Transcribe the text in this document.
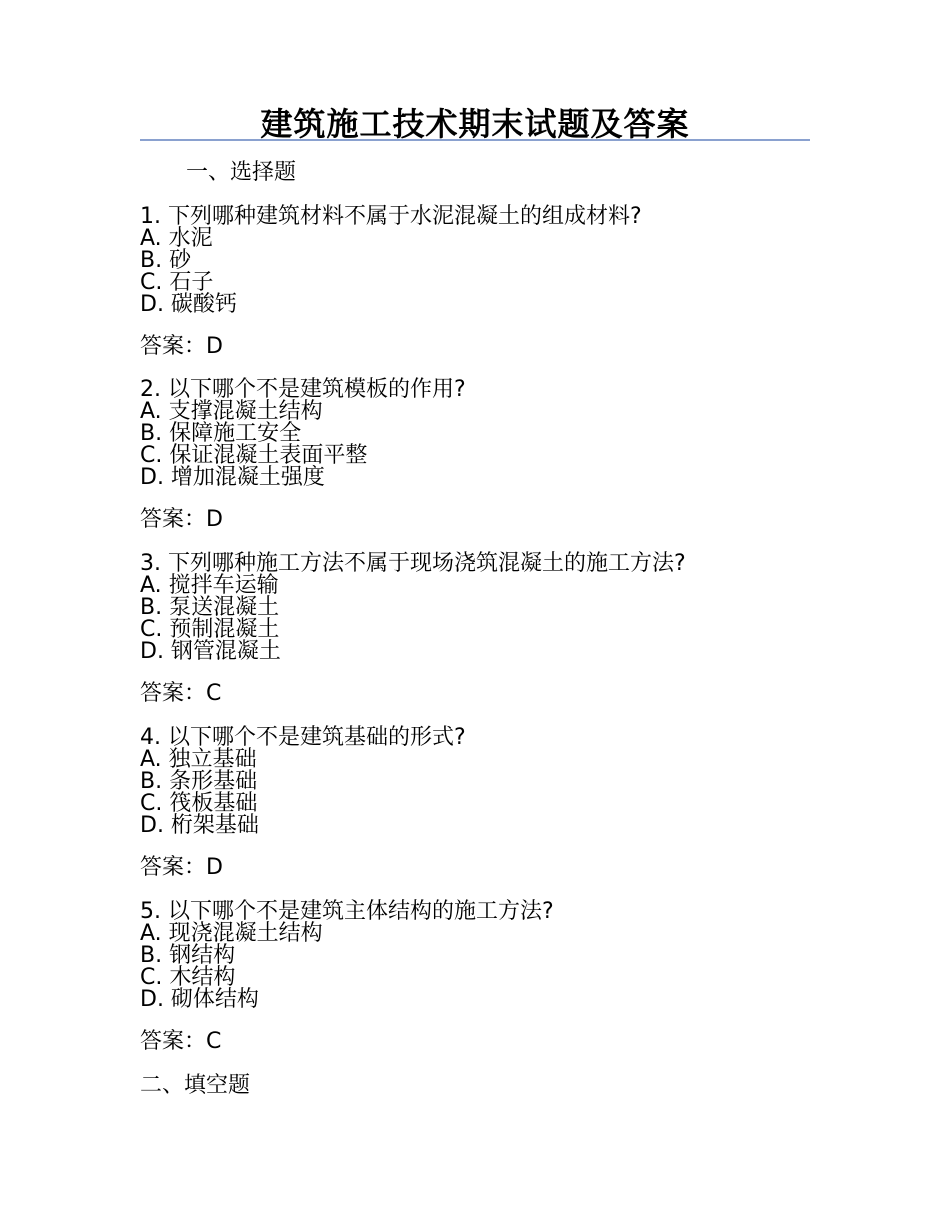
建筑施工技术期末试题及答案

一、选择题

1. 下列哪种建筑材料不属于水泥混凝土的组成材料?

A. 水泥

B. 砂

C. 石子

D. 碳酸钙

答案：D

2. 以下哪个不是建筑模板的作用?

A. 支撑混凝土结构

B. 保障施工安全

C. 保证混凝土表面平整

D. 增加混凝土强度

答案：D

3. 下列哪种施工方法不属于现场浇筑混凝土的施工方法?

A. 搅拌车运输

B. 泵送混凝土

C. 预制混凝土

D. 钢管混凝土

答案：C

4. 以下哪个不是建筑基础的形式?

A. 独立基础

B. 条形基础

C. 筏板基础

D. 桁架基础

答案：D

5. 以下哪个不是建筑主体结构的施工方法?

A. 现浇混凝土结构

B. 钢结构

C. 木结构

D. 砌体结构

答案：C

二、填空题
